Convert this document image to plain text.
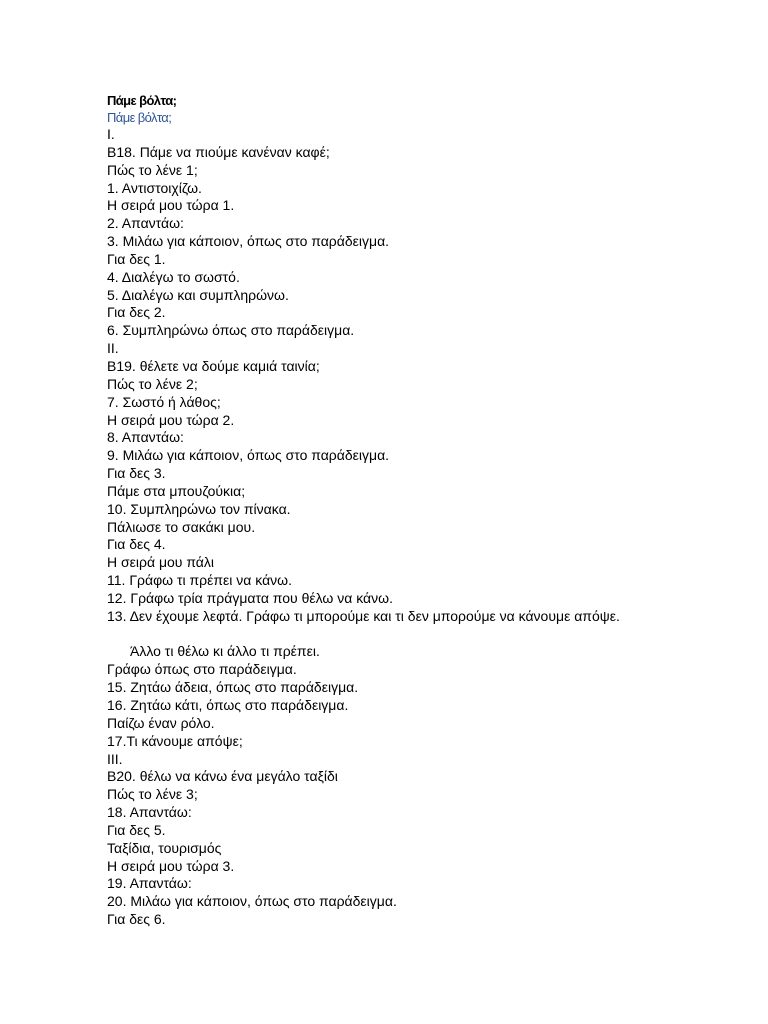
Πάμε βόλτα;
Πάμε βόλτα;
I.
B18. Πάμε να πιούμε κανέναν καφέ;
Πώς το λένε 1;
1. Αντιστοιχίζω.
Η σειρά μου τώρα 1.
2. Απαντάω:
3. Μιλάω για κάποιον, όπως στο παράδειγμα.
Για δες 1.
4. Διαλέγω το σωστό.
5. Διαλέγω και συμπληρώνω.
Για δες 2.
6. Συμπληρώνω όπως στο παράδειγμα.
II.
B19. θέλετε να δούμε καμιά ταινία;
Πώς το λένε 2;
7. Σωστό ή λάθος;
Η σειρά μου τώρα 2.
8. Απαντάω:
9. Μιλάω για κάποιον, όπως στο παράδειγμα.
Για δες 3.
Πάμε στα μπουζούκια;
10. Συμπληρώνω τον πίνακα.
Πάλιωσε το σακάκι μου.
Για δες 4.
Η σειρά μου πάλι
11. Γράφω τι πρέπει να κάνω.
12. Γράφω τρία πράγματα που θέλω να κάνω.
13. Δεν έχουμε λεφτά. Γράφω τι μπορούμε και τι δεν μπορούμε να κάνουμε απόψε.
Άλλο τι θέλω κι άλλο τι πρέπει.
Γράφω όπως στο παράδειγμα.
15. Ζητάω άδεια, όπως στο παράδειγμα.
16. Ζητάω κάτι, όπως στο παράδειγμα.
Παίζω έναν ρόλο.
17.Τι κάνουμε απόψε;
III.
B20. θέλω να κάνω ένα μεγάλο ταξίδι
Πώς το λένε 3;
18. Απαντάω:
Για δες 5.
Ταξίδια, τουρισμός
Η σειρά μου τώρα 3.
19. Απαντάω:
20. Μιλάω για κάποιον, όπως στο παράδειγμα.
Για δες 6.
